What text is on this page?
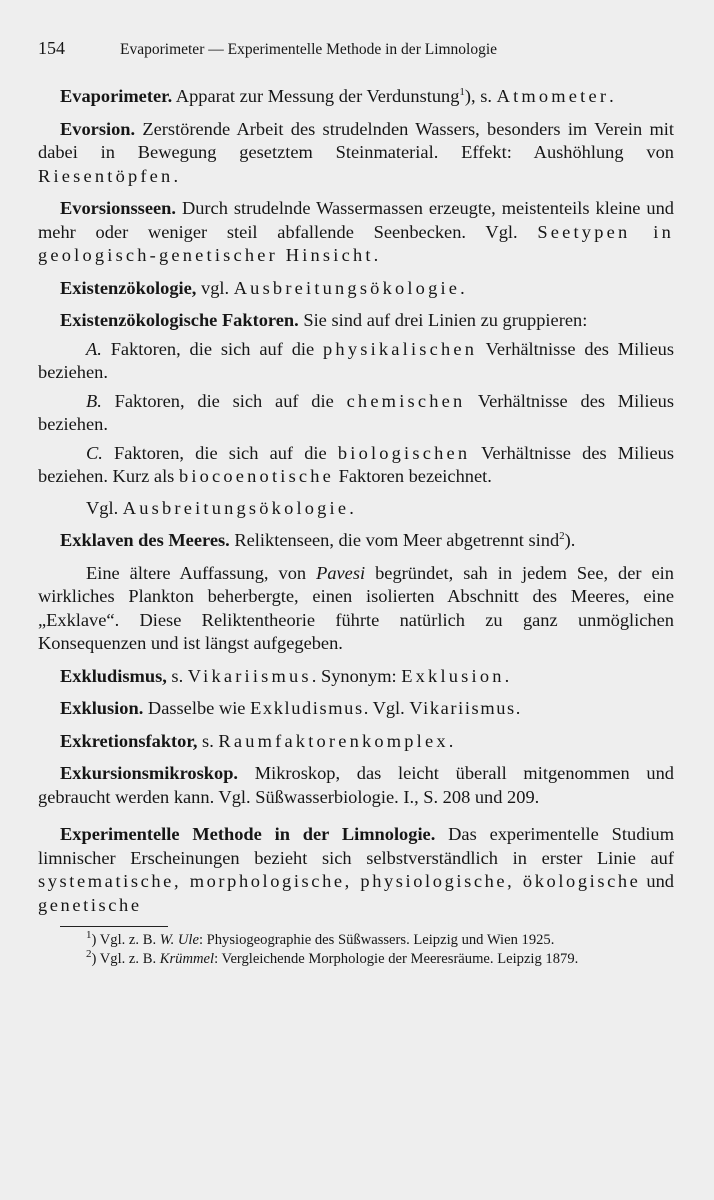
154	Evaporimeter — Experimentelle Methode in der Limnologie

Evaporimeter. Apparat zur Messung der Verdunstung$^1$), s. Atmometer.

Evorsion. Zerstörende Arbeit des strudelnden Wassers, besonders im Verein mit dabei in Bewegung gesetztem Steinmaterial. Effekt: Aushöhlung von Riesentöpfen.

Evorsionsseen. Durch strudelnde Wassermassen erzeugte, meistenteils kleine und mehr oder weniger steil abfallende Seenbecken. Vgl. Seetypen in geologisch-genetischer Hinsicht.

Existenzökologie, vgl. Ausbreitungsökologie.

Existenzökologische Faktoren. Sie sind auf drei Linien zu gruppieren:

A. Faktoren, die sich auf die physikalischen Verhältnisse des Milieus beziehen.

B. Faktoren, die sich auf die chemischen Verhältnisse des Milieus beziehen.

C. Faktoren, die sich auf die biologischen Verhältnisse des Milieus beziehen. Kurz als biocoenotische Faktoren bezeichnet.

Vgl. Ausbreitungsökologie.

Exklaven des Meeres. Reliktenseen, die vom Meer abgetrennt sind$^2$).

Eine ältere Auffassung, von Pavesi begründet, sah in jedem See, der ein wirkliches Plankton beherbergte, einen isolierten Abschnitt des Meeres, eine „Exklave“. Diese Reliktentheorie führte natürlich zu ganz unmöglichen Konsequenzen und ist längst aufgegeben.

Exkludismus, s. Vikariismus. Synonym: Exklusion.

Exklusion. Dasselbe wie Exkludismus. Vgl. Vikariismus.

Exkretionsfaktor, s. Raumfaktorenkomplex.

Exkursionsmikroskop. Mikroskop, das leicht überall mitgenommen und gebraucht werden kann. Vgl. Süßwasserbiologie. I., S. 208 und 209.

Experimentelle Methode in der Limnologie. Das experimentelle Studium limnischer Erscheinungen bezieht sich selbstverständlich in erster Linie auf systematische, morphologische, physiologische, ökologische und genetische

$^1$) Vgl. z. B. W. Ule: Physiogeographie des Süßwassers. Leipzig und Wien 1925.

$^2$) Vgl. z. B. Krümmel: Vergleichende Morphologie der Meeresräume. Leipzig 1879.
